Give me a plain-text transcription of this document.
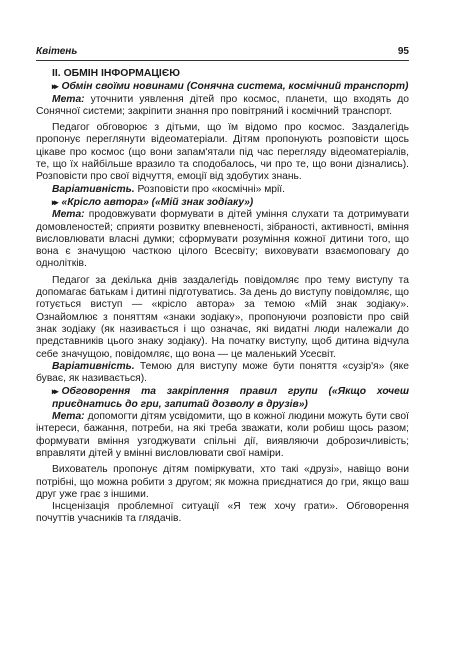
Квітень	95

II. ОБМІН ІНФОРМАЦІЄЮ

▸▸ Обмін своїми новинами (Сонячна система, космічний транспорт)

Мета: уточнити уявлення дітей про космос, планети, що входять до Сонячної системи; закріпити знання про повітряний і космічний транспорт.

Педагог обговорює з дітьми, що їм відомо про космос. Заздалегідь пропонує переглянути відеоматеріали. Дітям пропонують розповісти щось цікаве про космос (що вони запам'ятали під час перегляду відеоматеріалів, те, що їх найбільше вразило та сподобалось, чи про те, що вони дізнались). Розповісти про свої відчуття, емоції від здобутих знань.

Варіативність. Розповісти про «космічні» мрії.

▸▸ «Крісло автора» («Мій знак зодіаку»)

Мета: продовжувати формувати в дітей уміння слухати та дотримувати домовленостей; сприяти розвитку впевненості, зібраності, активності, вміння висловлювати власні думки; сформувати розуміння кожної дитини того, що вона є значущою часткою цілого Всесвіту; виховувати взаємоповагу до однолітків.

Педагог за декілька днів заздалегідь повідомляє про тему виступу та допомагає батькам і дитині підготуватись. За день до виступу повідомляє, що готується виступ — «крісло автора» за темою «Мій знак зодіаку». Ознайомлює з поняттям «знаки зодіаку», пропонуючи розповісти про свій знак зодіаку (як називається і що означає, які видатні люди належали до представників цього знаку зодіаку). На початку виступу, щоб дитина відчула себе значущою, повідомляє, що вона — це маленький Усесвіт.

Варіативність. Темою для виступу може бути поняття «сузір'я» (яке буває, як називається).

▸▸ Обговорення та закріплення правил групи («Якщо хочеш приєднатись до гри, запитай дозволу в друзів»)

Мета: допомогти дітям усвідомити, що в кожної людини можуть бути свої інтереси, бажання, потреби, на які треба зважати, коли робиш щось разом; формувати вміння узгоджувати спільні дії, виявляючи доброзичливість; вправляти дітей у вмінні висловлювати свої наміри.

Вихователь пропонує дітям поміркувати, хто такі «друзі», навіщо вони потрібні, що можна робити з другом; як можна приєднатися до гри, якщо ваш друг уже грає з іншими.

Інсценізація проблемної ситуації «Я теж хочу грати». Обговорення почуттів учасників та глядачів.
